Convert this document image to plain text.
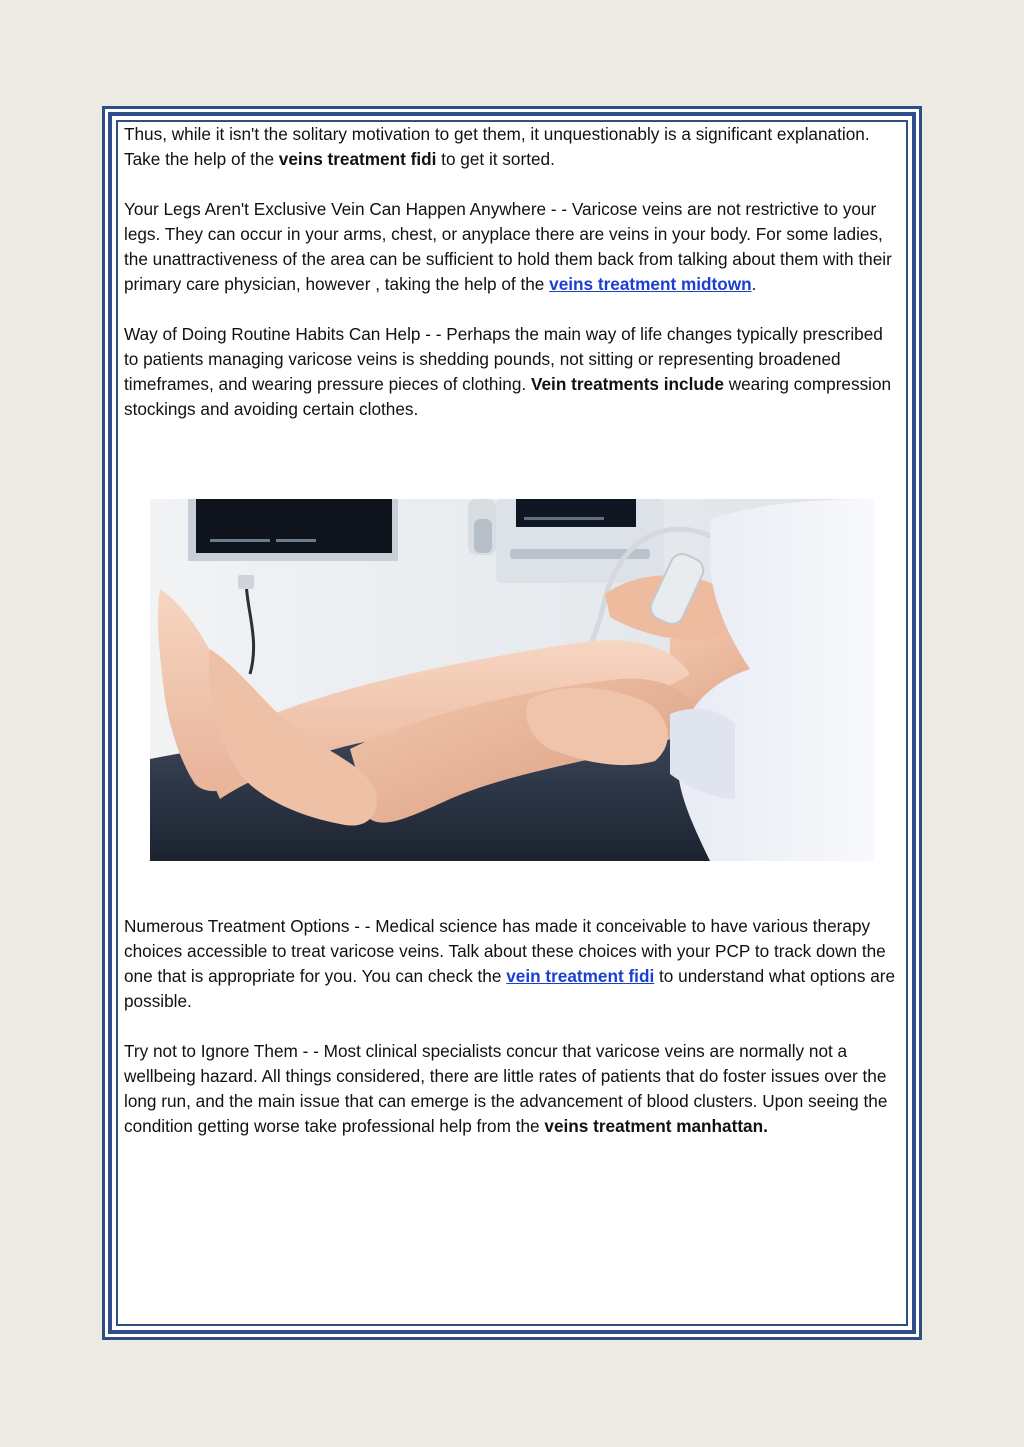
Thus, while it isn't the solitary motivation to get them, it unquestionably is a significant explanation. Take the help of the veins treatment fidi to get it sorted.

Your Legs Aren't Exclusive Vein Can Happen Anywhere - - Varicose veins are not restrictive to your legs. They can occur in your arms, chest, or anyplace there are veins in your body. For some ladies, the unattractiveness of the area can be sufficient to hold them back from talking about them with their primary care physician, however , taking the help of the veins treatment midtown.

Way of Doing Routine Habits Can Help - - Perhaps the main way of life changes typically prescribed to patients managing varicose veins is shedding pounds, not sitting or representing broadened timeframes, and wearing pressure pieces of clothing. Vein treatments include wearing compression stockings and avoiding certain clothes.

Numerous Treatment Options - - Medical science has made it conceivable to have various therapy choices accessible to treat varicose veins. Talk about these choices with your PCP to track down the one that is appropriate for you. You can check the vein treatment fidi to understand what options are possible.

Try not to Ignore Them - - Most clinical specialists concur that varicose veins are normally not a wellbeing hazard. All things considered, there are little rates of patients that do foster issues over the long run, and the main issue that can emerge is the advancement of blood clusters. Upon seeing the condition getting worse take professional help from the veins treatment manhattan.
